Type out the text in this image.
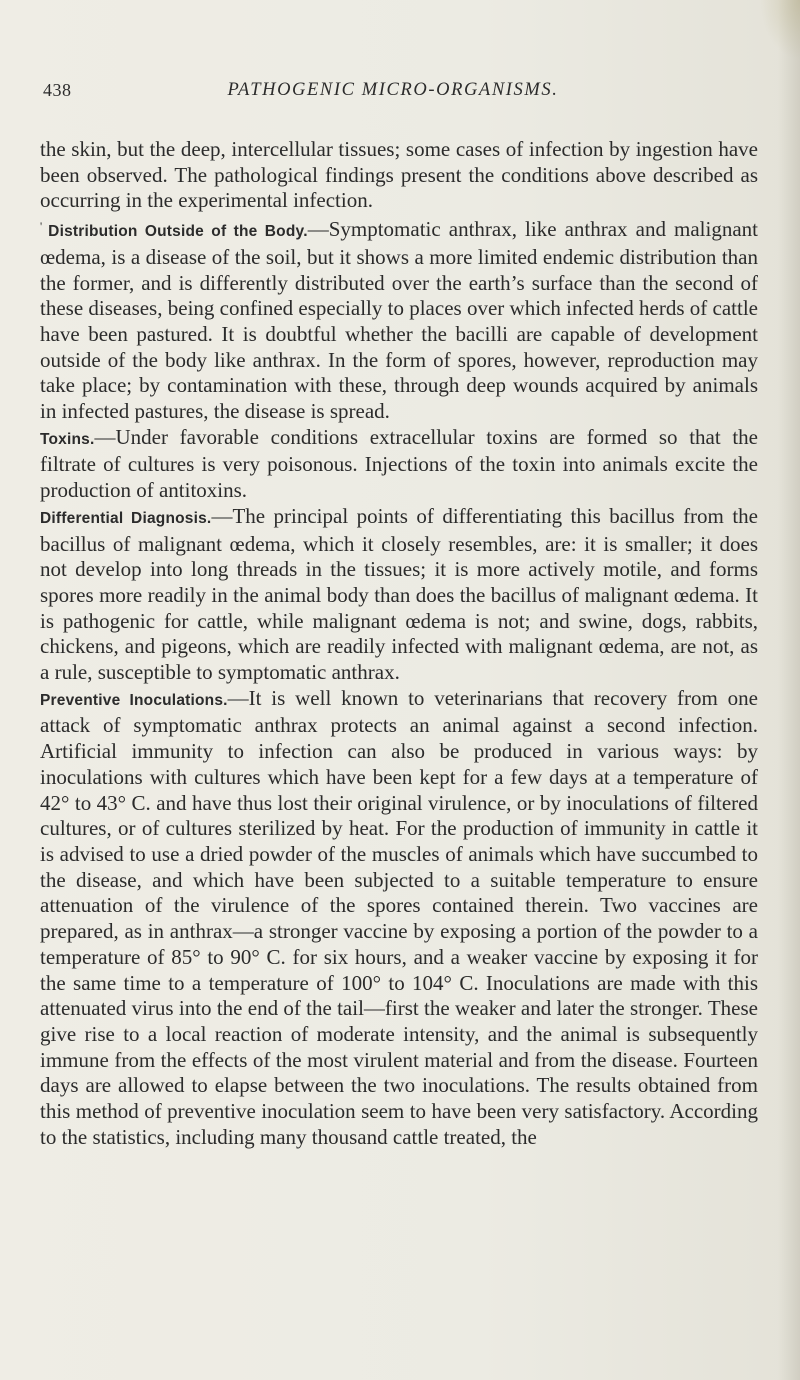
438	PATHOGENIC MICRO-ORGANISMS.

the skin, but the deep, intercellular tissues; some cases of infection by ingestion have been observed. The pathological findings present the conditions above described as occurring in the experimental infection.

' Distribution Outside of the Body.—Symptomatic anthrax, like anthrax and malignant œdema, is a disease of the soil, but it shows a more limited endemic distribution than the former, and is differently distributed over the earth’s surface than the second of these diseases, being confined especially to places over which infected herds of cattle have been pastured. It is doubtful whether the bacilli are capable of development outside of the body like anthrax. In the form of spores, however, reproduction may take place; by contamination with these, through deep wounds acquired by animals in infected pastures, the disease is spread.

Toxins.—Under favorable conditions extracellular toxins are formed so that the filtrate of cultures is very poisonous. Injections of the toxin into animals excite the production of antitoxins.

Differential Diagnosis.—The principal points of differentiating this bacillus from the bacillus of malignant œdema, which it closely resembles, are: it is smaller; it does not develop into long threads in the tissues; it is more actively motile, and forms spores more readily in the animal body than does the bacillus of malignant œdema. It is pathogenic for cattle, while malignant œdema is not; and swine, dogs, rabbits, chickens, and pigeons, which are readily infected with malignant œdema, are not, as a rule, susceptible to symptomatic anthrax.

Preventive Inoculations.—It is well known to veterinarians that recovery from one attack of symptomatic anthrax protects an animal against a second infection. Artificial immunity to infection can also be produced in various ways: by inoculations with cultures which have been kept for a few days at a temperature of 42° to 43° C. and have thus lost their original virulence, or by inoculations of filtered cultures, or of cultures sterilized by heat. For the production of immunity in cattle it is advised to use a dried powder of the muscles of animals which have succumbed to the disease, and which have been subjected to a suitable temperature to ensure attenuation of the virulence of the spores contained therein. Two vaccines are prepared, as in anthrax—a stronger vaccine by exposing a portion of the powder to a temperature of 85° to 90° C. for six hours, and a weaker vaccine by exposing it for the same time to a temperature of 100° to 104° C. Inoculations are made with this attenuated virus into the end of the tail—first the weaker and later the stronger. These give rise to a local reaction of moderate intensity, and the animal is subsequently immune from the effects of the most virulent material and from the disease. Fourteen days are allowed to elapse between the two inoculations. The results obtained from this method of preventive inoculation seem to have been very satisfactory. According to the statistics, including many thousand cattle treated, the
